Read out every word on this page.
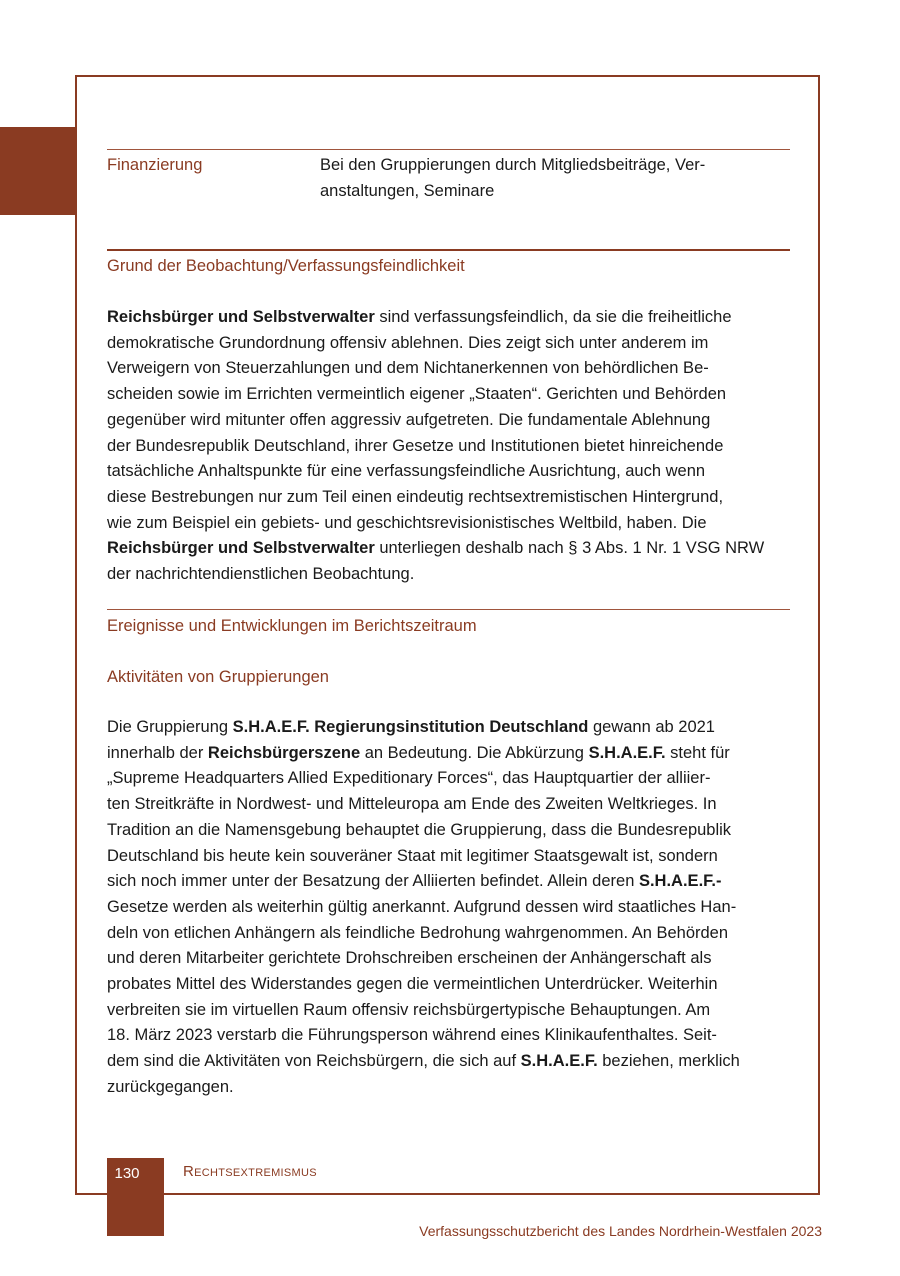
Finanzierung	Bei den Gruppierungen durch Mitgliedsbeiträge, Ver-
anstaltungen, Seminare
Grund der Beobachtung/Verfassungsfeindlichkeit
Reichsbürger und Selbstverwalter sind verfassungsfeindlich, da sie die freiheitliche
demokratische Grundordnung offensiv ablehnen. Dies zeigt sich unter anderem im
Verweigern von Steuerzahlungen und dem Nichtanerkennen von behördlichen Be-
scheiden sowie im Errichten vermeintlich eigener „Staaten“. Gerichten und Behörden
gegenüber wird mitunter offen aggressiv aufgetreten. Die fundamentale Ablehnung
der Bundesrepublik Deutschland, ihrer Gesetze und Institutionen bietet hinreichende
tatsächliche Anhaltspunkte für eine verfassungsfeindliche Ausrichtung, auch wenn
diese Bestrebungen nur zum Teil einen eindeutig rechtsextremistischen Hintergrund,
wie zum Beispiel ein gebiets- und geschichtsrevisionistisches Weltbild, haben. Die
Reichsbürger und Selbstverwalter unterliegen deshalb nach § 3 Abs. 1 Nr. 1 VSG NRW
der nachrichtendienstlichen Beobachtung.
Ereignisse und Entwicklungen im Berichtszeitraum
Aktivitäten von Gruppierungen
Die Gruppierung S.H.A.E.F. Regierungsinstitution Deutschland gewann ab 2021
innerhalb der Reichsbürgerszene an Bedeutung. Die Abkürzung S.H.A.E.F. steht für
„Supreme Headquarters Allied Expeditionary Forces“, das Hauptquartier der alliier-
ten Streitkräfte in Nordwest- und Mitteleuropa am Ende des Zweiten Weltkrieges. In
Tradition an die Namensgebung behauptet die Gruppierung, dass die Bundesrepublik
Deutschland bis heute kein souveräner Staat mit legitimer Staatsgewalt ist, sondern
sich noch immer unter der Besatzung der Alliierten befindet. Allein deren S.H.A.E.F.-
Gesetze werden als weiterhin gültig anerkannt. Aufgrund dessen wird staatliches Han-
deln von etlichen Anhängern als feindliche Bedrohung wahrgenommen. An Behörden
und deren Mitarbeiter gerichtete Drohschreiben erscheinen der Anhängerschaft als
probates Mittel des Widerstandes gegen die vermeintlichen Unterdrücker. Weiterhin
verbreiten sie im virtuellen Raum offensiv reichsbürgertypische Behauptungen. Am
18. März 2023 verstarb die Führungsperson während eines Klinikaufenthaltes. Seit-
dem sind die Aktivitäten von Reichsbürgern, die sich auf S.H.A.E.F. beziehen, merklich
zurückgegangen.
130	Rechtsextremismus
Verfassungsschutzbericht des Landes Nordrhein-Westfalen 2023
